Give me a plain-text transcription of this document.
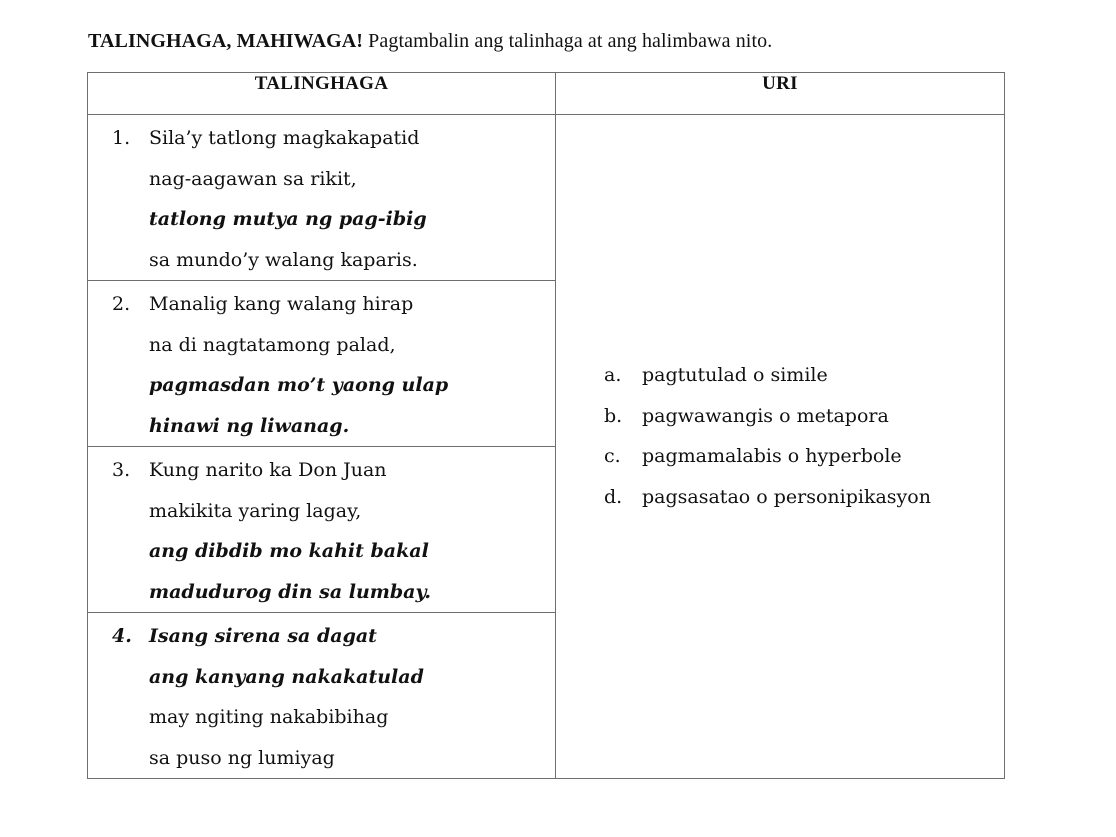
TALINGHAGA, MAHIWAGA! Pagtambalin ang talinhaga at ang halimbawa nito.
TALINGHAGA	URI

1. Sila’y tatlong magkakapatid
nag-aagawan sa rikit,
tatlong mutya ng pag-ibig
sa mundo’y walang kaparis.

a.	pagtutulad o simile
b.	pagwawangis o metapora
c.	pagmamalabis o hyperbole
d.	pagsasatao o personipikasyon

2. Manalig kang walang hirap
na di nagtatamong palad,
pagmasdan mo’t yaong ulap
hinawi ng liwanag.	

3. Kung narito ka Don Juan
makikita yaring lagay,
ang dibdib mo kahit bakal
madudurog din sa lumbay.	

4. Isang sirena sa dagat
ang kanyang nakakatulad
may ngiting nakabibihag
sa puso ng lumiyag	
